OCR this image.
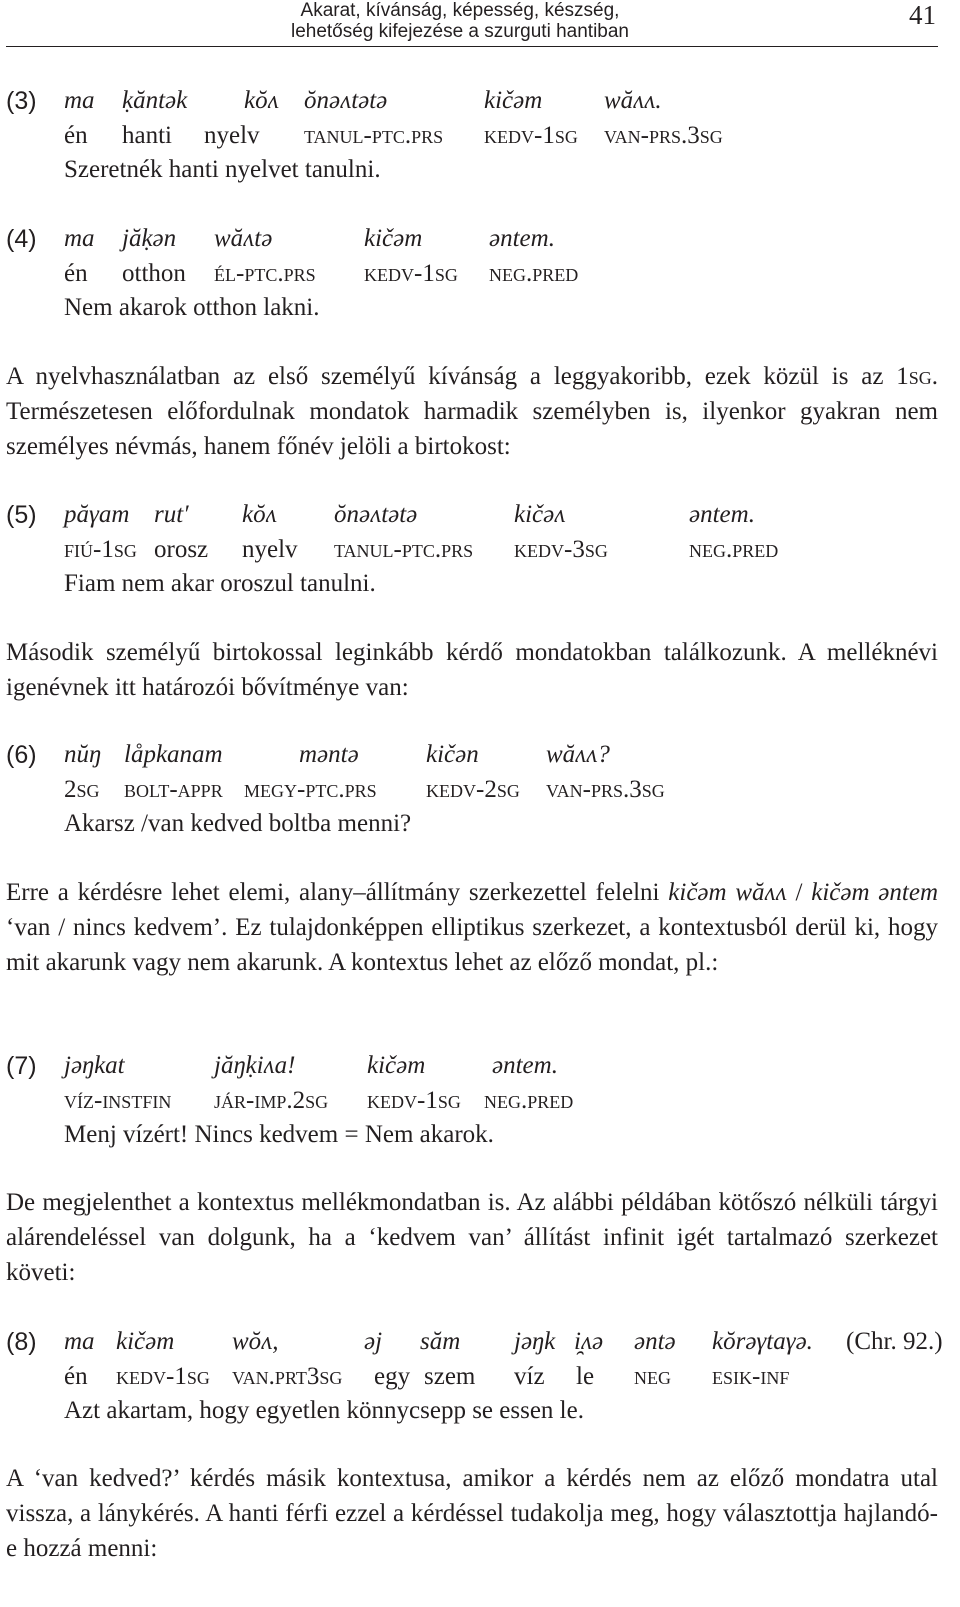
Akarat, kívánság, képesség, készség,
lehetőség kifejezése a szurguti hantiban
41
(3) ma ḳăntək kŏʌ ŏnəʌtətə	kičəm wăʌʌ.
én hanti nyelv tanul-ptc.prs kedv-1sg van-prs.3sg
Szeretnék hanti nyelvet tanulni.
(4) ma jăḳən wăʌtə	kičəm	əntem.
én otthon él-ptc.prs kedv-1sg neg.pred
Nem akarok otthon lakni.
A nyelvhasználatban az első személyű kívánság a leggyakoribb, ezek közül is az 1sg. Természetesen előfordulnak mondatok harmadik személyben is, ilyenkor gyakran nem személyes névmás, hanem főnév jelöli a birtokost:
(5) păγam rut′ kŏʌ ŏnəʌtətə	kičəʌ	əntem.
fiú-1sg orosz nyelv tanul-ptc.prs kedv-3sg	neg.pred
Fiam nem akar oroszul tanulni.
Második személyű birtokossal leginkább kérdő mondatokban találkozunk. A melléknévi igenévnek itt határozói bővítménye van:
(6) nŭŋ låpkanam	məntə	kičən	wăʌʌ?
2sg bolt-appr megy-ptc.prs kedv-2sg van-prs.3sg
Akarsz /van kedved boltba menni?
Erre a kérdésre lehet elemi, alany–állítmány szerkezettel felelni kičəm wăʌʌ / kičəm əntem ‘van / nincs kedvem’. Ez tulajdonképpen elliptikus szerkezet, a kontextusból derül ki, hogy mit akarunk vagy nem akarunk. A kontextus lehet az előző mondat, pl.:
(7) jəŋkat	jăŋḳiʌa!	kičəm	əntem.
víz-instfin jár-imp.2sg kedv-1sg neg.pred
Menj vízért! Nincs kedvem = Nem akarok.
De megjelenthet a kontextus mellékmondatban is. Az alábbi példában kötőszó nélküli tárgyi alárendeléssel van dolgunk, ha a ‘kedvem van’ állítást infinit igét tartalmazó szerkezet követi:
(8) ma kičəm wŏʌ,	əj săm jəŋk i̯ʌə əntə kŏrəγtaγə. (Chr. 92.)
én kedv-1sg van.prt3sg egy szem víz le neg esik-inf
Azt akartam, hogy egyetlen könnycsepp se essen le.
A ‘van kedved?’ kérdés másik kontextusa, amikor a kérdés nem az előző mondatra utal vissza, a lánykérés. A hanti férfi ezzel a kérdéssel tudakolja meg, hogy választottja hajlandó-e hozzá menni:
